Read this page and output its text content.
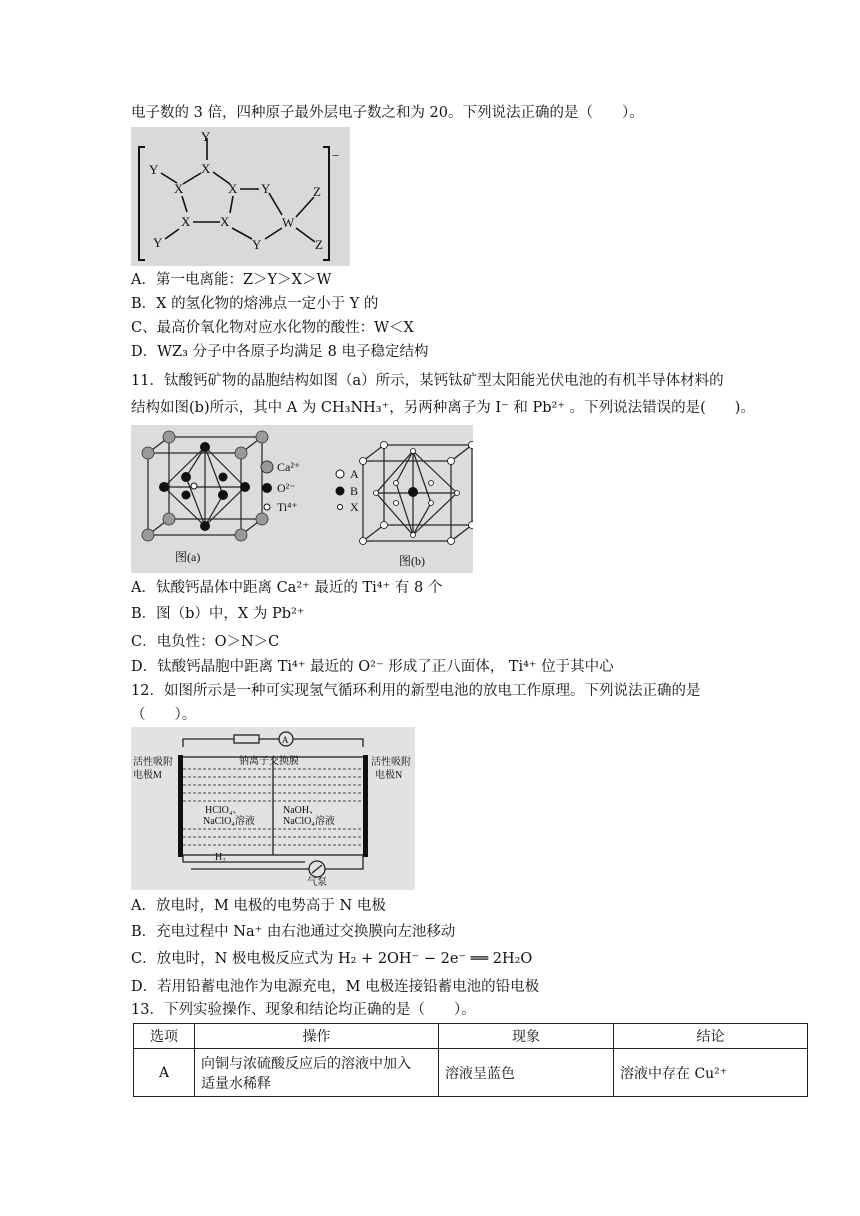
电子数的 3 倍，四种原子最外层电子数之和为 20。下列说法正确的是（　　）。
−
Y
Y	X
X	X Y	Z
X X	W
Y	Y	Z
A．第一电离能：Z＞Y＞X＞W
B．X 的氢化物的熔沸点一定小于 Y 的
C、最高价氧化物对应水化物的酸性：W＜X
D．WZ₃ 分子中各原子均满足 8 电子稳定结构
11．钛酸钙矿物的晶胞结构如图（a）所示，某钙钛矿型太阳能光伏电池的有机半导体材料的
结构如图(b)所示，其中 A 为 CH₃NH₃⁺，另两种离子为 I⁻ 和 Pb²⁺ 。下列说法错误的是(　　)。
Ca²⁺
O²⁻
Ti⁴⁺
图(a)
A
B
X
图(b)
A．钛酸钙晶体中距离 Ca²⁺ 最近的 Ti⁴⁺ 有 8 个
B．图（b）中，X 为 Pb²⁺
C．电负性：O＞N＞C
D．钛酸钙晶胞中距离 Ti⁴⁺ 最近的 O²⁻ 形成了正八面体， Ti⁴⁺ 位于其中心
12．如图所示是一种可实现氢气循环利用的新型电池的放电工作原理。下列说法正确的是
（　　）。
A
钠离子交换膜
活性吸附
电极M
活性吸附
电极N
HClO₄、
NaClO₄溶液
NaOH、
NaClO₄溶液
H₂
气泵
A．放电时，M 电极的电势高于 N 电极
B．充电过程中 Na⁺ 由右池通过交换膜向左池移动
C．放电时，N 极电极反应式为 H₂ + 2OH⁻ − 2e⁻ ══ 2H₂O
D．若用铅蓄电池作为电源充电，M 电极连接铅蓄电池的铅电极
13．下列实验操作、现象和结论均正确的是（　　）。
选项	操作	现象	结论
A	向铜与浓硫酸反应后的溶液中加入
适量水稀释	溶液呈蓝色	溶液中存在 Cu²⁺
